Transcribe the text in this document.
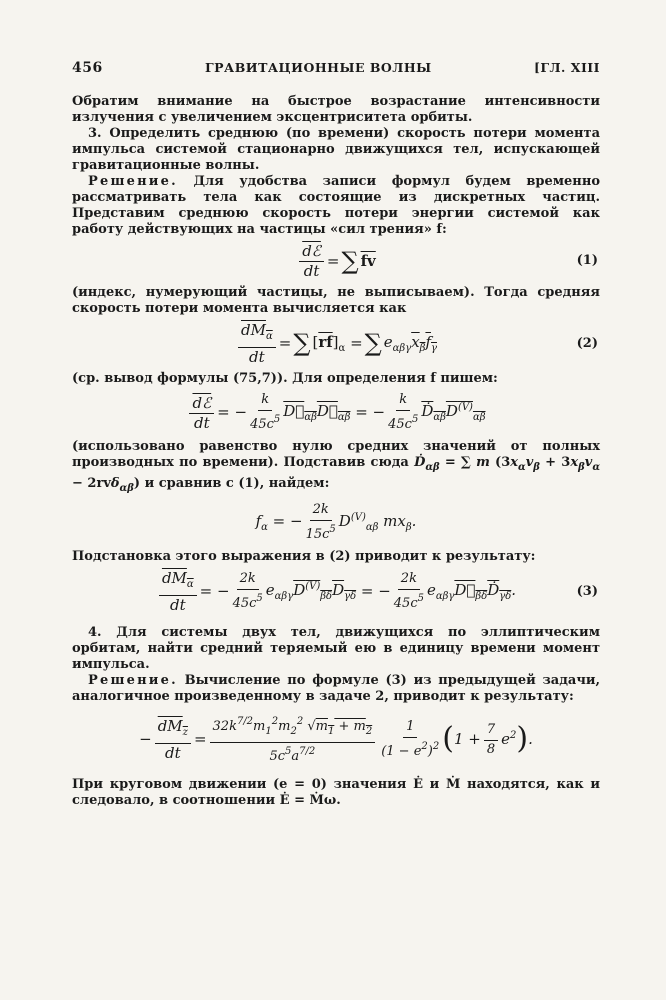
456	ГРАВИТАЦИОННЫЕ ВОЛНЫ	[ГЛ. XIII

Обратим внимание на быстрое возрастание интенсивности излучения с увеличением эксцентриситета орбиты.

3. Определить среднюю (по времени) скорость потери момента импульса системой стационарно движущихся тел, испускающей гравитационные волны.

Решение. Для удобства записи формул будем временно рассматривать тела как состоящие из дискретных частиц. Представим среднюю скорость потери энергии системой как работу действующих на частицы «сил трения» f:

$\frac{\text{dℰ}}{dt}$ = ∑ $\overline{fv}$	(1)

(индекс, нумерующий частицы, не выписываем). Тогда средняя скорость потери момента вычисляется как

$\frac{dM_\alpha}{dt}$ = ∑ $[\overline{rf}]_\alpha$ = ∑ $e_{\alpha\beta\gamma}x_\beta f_\gamma$	(2)

(ср. вывод формулы (75,7)). Для определения f пишем:

$\frac{\text{dℰ}}{dt}$ = − $\frac{k}{45c^5}$ $D⃛_{\alpha\beta}D⃛_{\alpha\beta}$ = − $\frac{k}{45c^5}$ $Ḋ_{\alpha\beta}D^{(V)}_{\alpha\beta}$

(использовано равенство нулю средних значений от полных производных по времени). Подставив сюда Ḋ$_{\alpha\beta}$ = ∑ m $(3x_\alpha v_\beta + 3x_\beta v_\alpha - 2rv\delta_{\alpha\beta})$ и сравнив с (1), найдем:

$f_\alpha$ = − $\frac{2k}{15c^5} D^{(V)}_{\alpha\beta}$ $mx_\beta$.

Подстановка этого выражения в (2) приводит к результату:

$\frac{dM_\alpha}{dt}$ = − $\frac{2k}{45c^5} e_{\alpha\beta\gamma}D^{(V)}_{\beta\delta}D_{\gamma\delta}$ = − $\frac{2k}{45c^5}$ $e_{\alpha\beta\gamma}D⃛_{\beta\delta}Ḋ_{\gamma\delta}$.	(3)

4. Для системы двух тел, движущихся по эллиптическим орбитам, найти средний теряемый ею в единицу времени момент импульса.

Решение. Вычисление по формуле (3) из предыдущей задачи, аналогичное произведенному в задаче 2, приводит к результату:

− $\frac{dM_z}{dt} = \frac{32k^{7/2}m_1^2m_2^2 √m_1 + m_2}{5c^5a^{7/2}} \frac{1}{(1 - e^2)^2}$ ( $1 + \frac{7}{8} e^2$ ) .

При круговом движении (e = 0) значения Ė и Ṁ находятся, как и следовало, в соотношении Ė = Ṁω.
